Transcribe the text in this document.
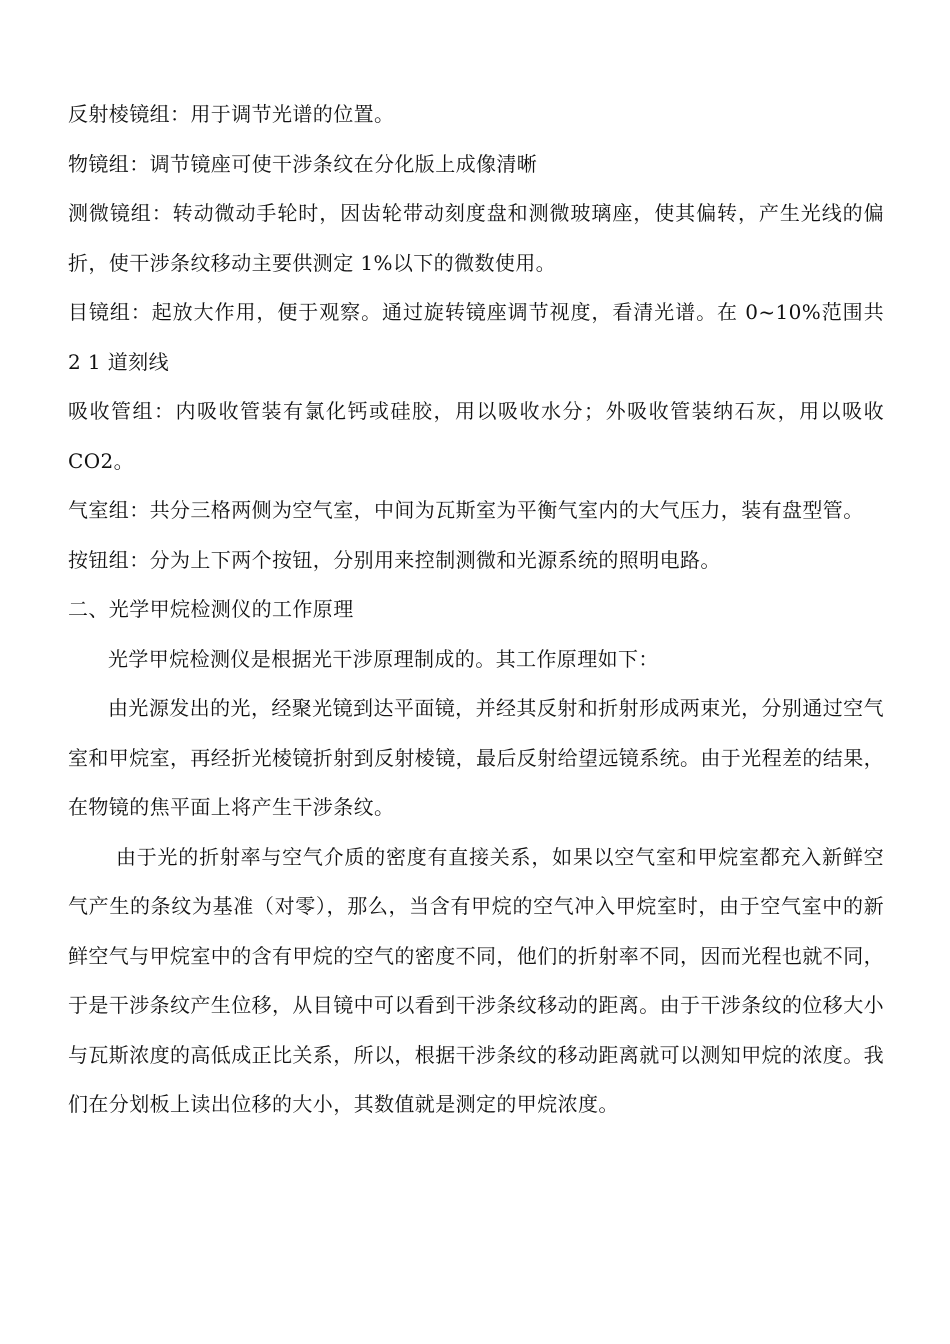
反射棱镜组：用于调节光谱的位置。

物镜组：调节镜座可使干涉条纹在分化版上成像清晰

测微镜组：转动微动手轮时，因齿轮带动刻度盘和测微玻璃座，使其偏转，产生光线的偏折，使干涉条纹移动主要供测定 1%以下的微数使用。

目镜组：起放大作用，便于观察。通过旋转镜座调节视度，看清光谱。在 0~10%范围共 2 1 道刻线

吸收管组：内吸收管装有氯化钙或硅胶，用以吸收水分；外吸收管装纳石灰，用以吸收 CO2。

气室组：共分三格两侧为空气室，中间为瓦斯室为平衡气室内的大气压力，装有盘型管。

按钮组：分为上下两个按钮，分别用来控制测微和光源系统的照明电路。

二、光学甲烷检测仪的工作原理

光学甲烷检测仪是根据光干涉原理制成的。其工作原理如下：

由光源发出的光，经聚光镜到达平面镜，并经其反射和折射形成两束光，分别通过空气室和甲烷室，再经折光棱镜折射到反射棱镜，最后反射给望远镜系统。由于光程差的结果，在物镜的焦平面上将产生干涉条纹。

由于光的折射率与空气介质的密度有直接关系，如果以空气室和甲烷室都充入新鲜空气产生的条纹为基准（对零），那么，当含有甲烷的空气冲入甲烷室时，由于空气室中的新鲜空气与甲烷室中的含有甲烷的空气的密度不同，他们的折射率不同，因而光程也就不同，于是干涉条纹产生位移，从目镜中可以看到干涉条纹移动的距离。由于干涉条纹的位移大小与瓦斯浓度的高低成正比关系，所以，根据干涉条纹的移动距离就可以测知甲烷的浓度。我们在分划板上读出位移的大小，其数值就是测定的甲烷浓度。
